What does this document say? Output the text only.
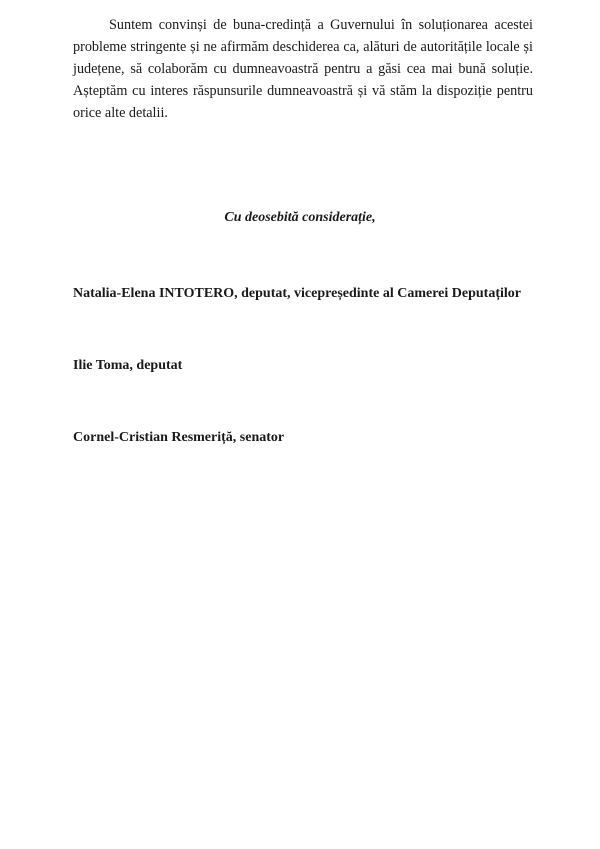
Suntem convinși de buna-credință a Guvernului în soluționarea acestei
probleme stringente și ne afirmăm deschiderea ca, alături de autoritățile locale și
județene, să colaborăm cu dumneavoastră pentru a găsi cea mai bună soluție.
Așteptăm cu interes răspunsurile dumneavoastră și vă stăm la dispoziție pentru
orice alte detalii.

Cu deosebită considerație,

Natalia-Elena INTOTERO, deputat, vicepreședinte al Camerei Deputaților

Ilie Toma, deputat

Cornel-Cristian Resmeriță, senator
